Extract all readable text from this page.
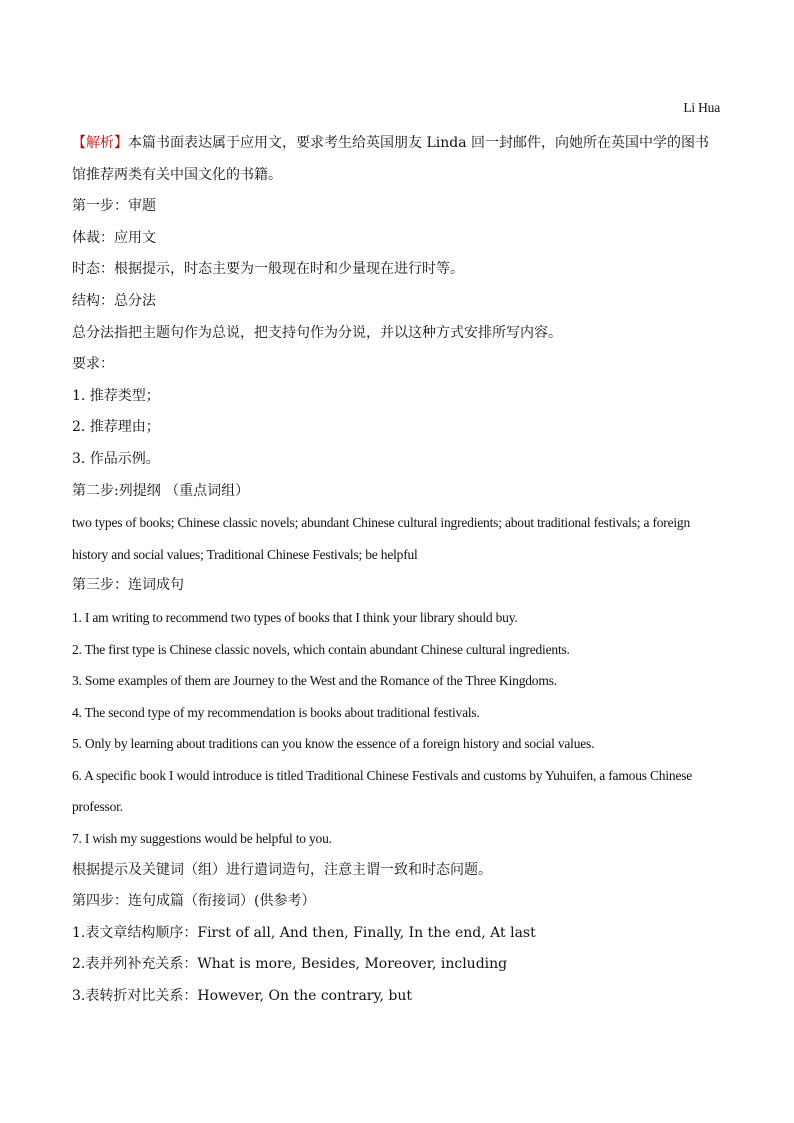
Li Hua
【解析】本篇书面表达属于应用文，要求考生给英国朋友 Linda 回一封邮件，向她所在英国中学的图书馆推荐两类有关中国文化的书籍。
第一步：审题
体裁：应用文
时态：根据提示，时态主要为一般现在时和少量现在进行时等。
结构：总分法
总分法指把主题句作为总说，把支持句作为分说，并以这种方式安排所写内容。
要求：
1. 推荐类型；
2. 推荐理由；
3. 作品示例。
第二步:列提纲 （重点词组）
two types of books; Chinese classic novels; abundant Chinese cultural ingredients; about traditional festivals; a foreign history and social values; Traditional Chinese Festivals; be helpful
第三步：连词成句
1. I am writing to recommend two types of books that I think your library should buy.
2. The first type is Chinese classic novels, which contain abundant Chinese cultural ingredients.
3. Some examples of them are Journey to the West and the Romance of the Three Kingdoms.
4. The second type of my recommendation is books about traditional festivals.
5. Only by learning about traditions can you know the essence of a foreign history and social values.
6. A specific book I would introduce is titled Traditional Chinese Festivals and customs by Yuhuifen, a famous Chinese professor.
7. I wish my suggestions would be helpful to you.
根据提示及关键词（组）进行遣词造句，注意主谓一致和时态问题。
第四步：连句成篇（衔接词）(供参考）
1.表文章结构顺序：First of all, And then, Finally, In the end, At last
2.表并列补充关系：What is more, Besides, Moreover, including
3.表转折对比关系：However, On the contrary, but
